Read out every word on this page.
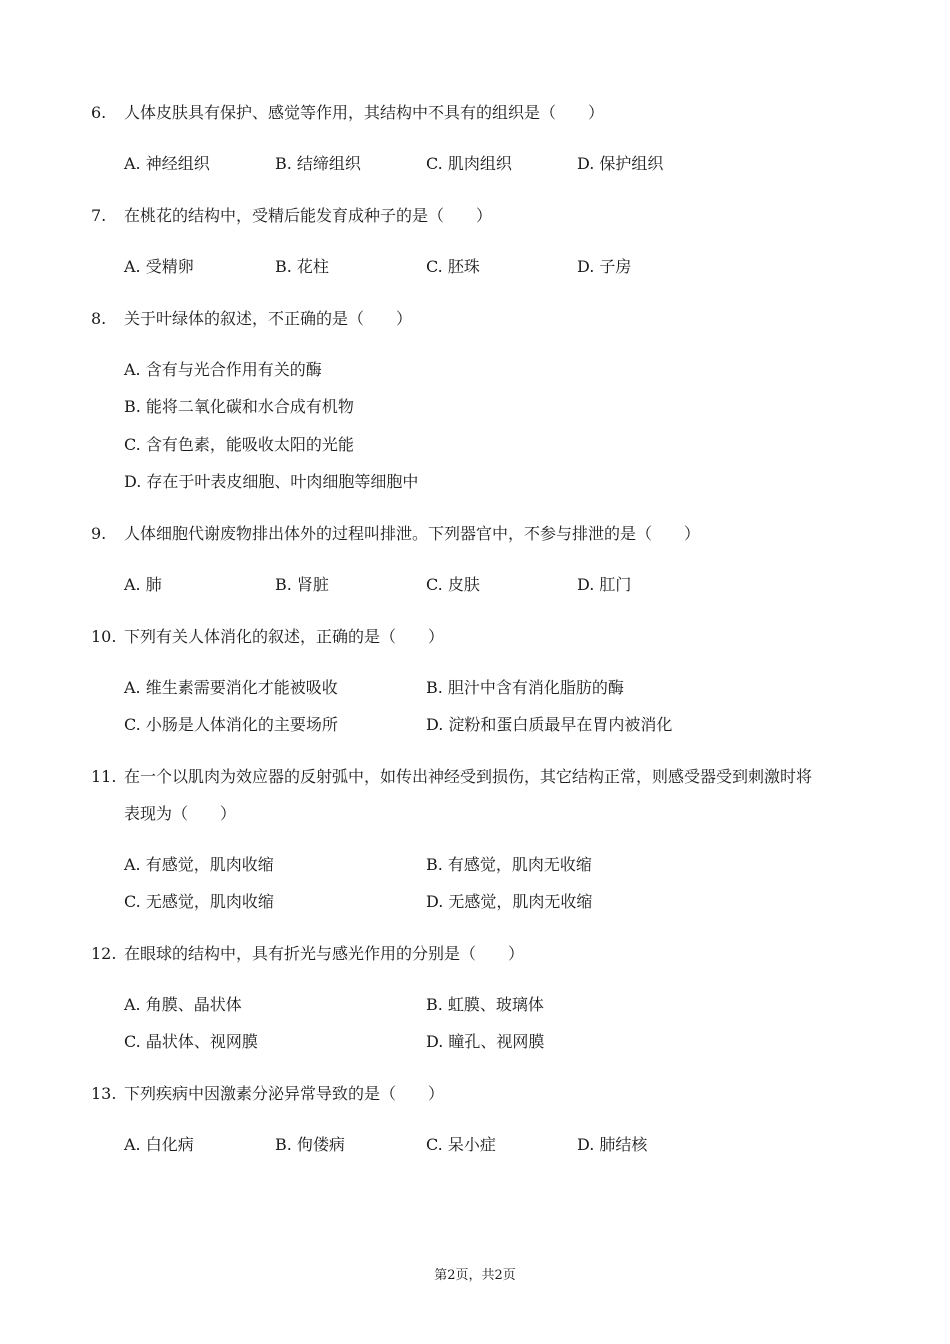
6. 人体皮肤具有保护、感觉等作用，其结构中不具有的组织是（　　）
A. 神经组织	B. 结缔组织	C. 肌肉组织	D. 保护组织
7. 在桃花的结构中，受精后能发育成种子的是（　　）
A. 受精卵	B. 花柱	C. 胚珠	D. 子房
8. 关于叶绿体的叙述，不正确的是（　　）
A. 含有与光合作用有关的酶
B. 能将二氧化碳和水合成有机物
C. 含有色素，能吸收太阳的光能
D. 存在于叶表皮细胞、叶肉细胞等细胞中
9. 人体细胞代谢废物排出体外的过程叫排泄。下列器官中，不参与排泄的是（　　）
A. 肺	B. 肾脏	C. 皮肤	D. 肛门
10. 下列有关人体消化的叙述，正确的是（　　）
A. 维生素需要消化才能被吸收	B. 胆汁中含有消化脂肪的酶
C. 小肠是人体消化的主要场所	D. 淀粉和蛋白质最早在胃内被消化
11. 在一个以肌肉为效应器的反射弧中，如传出神经受到损伤，其它结构正常，则感受器受到刺激时将
表现为（　　）
A. 有感觉，肌肉收缩	B. 有感觉，肌肉无收缩
C. 无感觉，肌肉收缩	D. 无感觉，肌肉无收缩
12. 在眼球的结构中，具有折光与感光作用的分别是（　　）
A. 角膜、晶状体	B. 虹膜、玻璃体
C. 晶状体、视网膜	D. 瞳孔、视网膜
13. 下列疾病中因激素分泌异常导致的是（　　）
A. 白化病	B. 佝偻病	C. 呆小症	D. 肺结核
第2页，共2页
